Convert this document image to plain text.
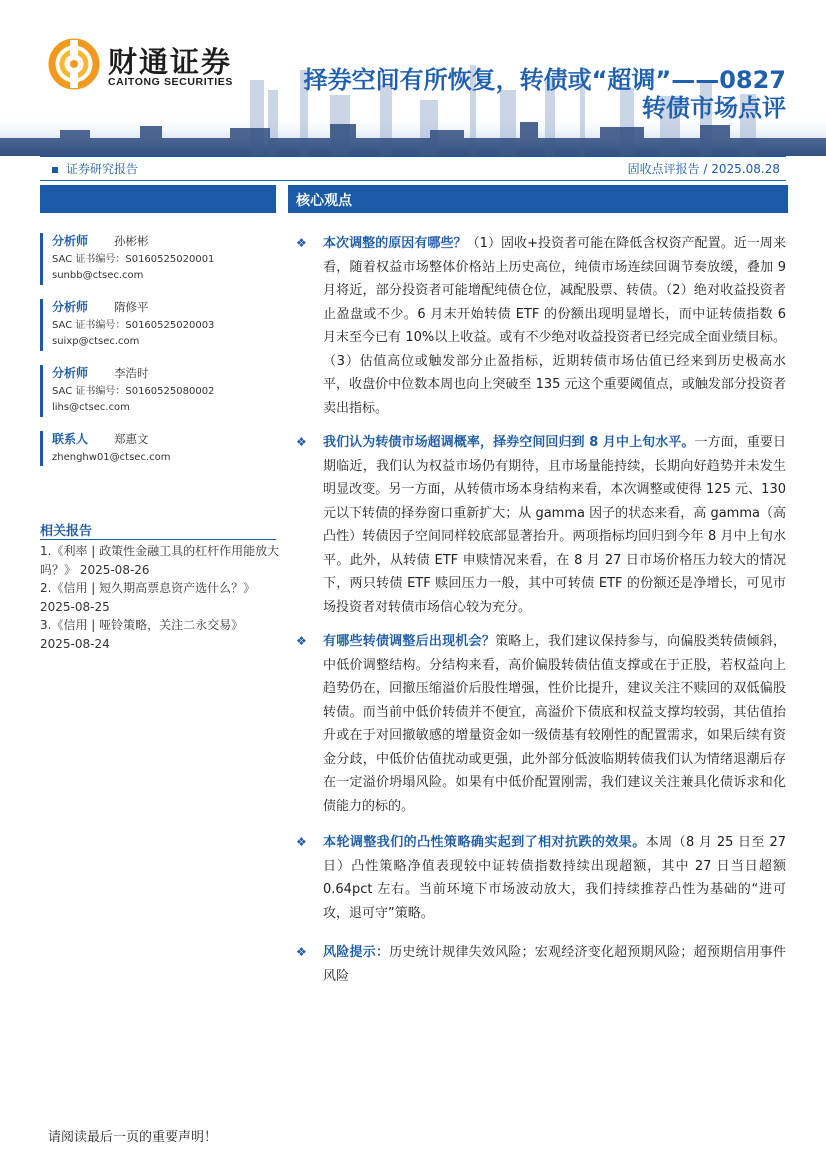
财通证券
CAITONG SECURITIES	择券空间有所恢复，转债或“超调”——0827
转债市场点评
证券研究报告	固收点评报告 / 2025.08.28
分析师 孙彬彬
SAC 证书编号：S0160525020001
sunbb@ctsec.com
分析师 隋修平
SAC 证书编号：S0160525020003
suixp@ctsec.com
分析师 李浩时
SAC 证书编号：S0160525080002
lihs@ctsec.com
联系人 郑惠文
zhenghw01@ctsec.com
相关报告
1.《利率 | 政策性金融工具的杠杆作用能放大吗？》 2025-08-26
2.《信用 | 短久期高票息资产选什么？》 2025-08-25
3.《信用 | 哑铃策略，关注二永交易》 2025-08-24
核心观点
❖ 本次调整的原因有哪些？（1）固收+投资者可能在降低含权资产配置。近一周来看，随着权益市场整体价格站上历史高位，纯债市场连续回调节奏放缓，叠加 9 月将近，部分投资者可能增配纯债仓位，减配股票、转债。（2）绝对收益投资者止盈盘或不少。6 月末开始转债 ETF 的份额出现明显增长，而中证转债指数 6 月末至今已有 10%以上收益。或有不少绝对收益投资者已经完成全面业绩目标。（3）估值高位或触发部分止盈指标，近期转债市场估值已经来到历史极高水平，收盘价中位数本周也向上突破至 135 元这个重要阈值点，或触发部分投资者卖出指标。
❖ 我们认为转债市场超调概率，择券空间回归到 8 月中上旬水平。一方面，重要日期临近，我们认为权益市场仍有期待，且市场量能持续，长期向好趋势并未发生明显改变。另一方面，从转债市场本身结构来看，本次调整或使得 125 元、130 元以下转债的择券窗口重新扩大；从 gamma 因子的状态来看，高 gamma（高凸性）转债因子空间同样较底部显著抬升。两项指标均回归到今年 8 月中上旬水平。此外，从转债 ETF 申赎情况来看，在 8 月 27 日市场价格压力较大的情况下，两只转债 ETF 赎回压力一般，其中可转债 ETF 的份额还是净增长，可见市场投资者对转债市场信心较为充分。
❖ 有哪些转债调整后出现机会？策略上，我们建议保持参与，向偏股类转债倾斜，中低价调整结构。分结构来看，高价偏股转债估值支撑或在于正股，若权益向上趋势仍在，回撤压缩溢价后股性增强，性价比提升，建议关注不赎回的双低偏股转债。而当前中低价转债并不便宜，高溢价下债底和权益支撑均较弱，其估值抬升或在于对回撤敏感的增量资金如一级债基有较刚性的配置需求，如果后续有资金分歧，中低价估值扰动或更强，此外部分低波临期转债我们认为情绪退潮后存在一定溢价坍塌风险。如果有中低价配置刚需，我们建议关注兼具化债诉求和化债能力的标的。
❖ 本轮调整我们的凸性策略确实起到了相对抗跌的效果。本周（8 月 25 日至 27 日）凸性策略净值表现较中证转债指数持续出现超额，其中 27 日当日超额 0.64pct 左右。当前环境下市场波动放大，我们持续推荐凸性为基础的“进可攻，退可守”策略。
❖ 风险提示：历史统计规律失效风险；宏观经济变化超预期风险；超预期信用事件风险
请阅读最后一页的重要声明！
